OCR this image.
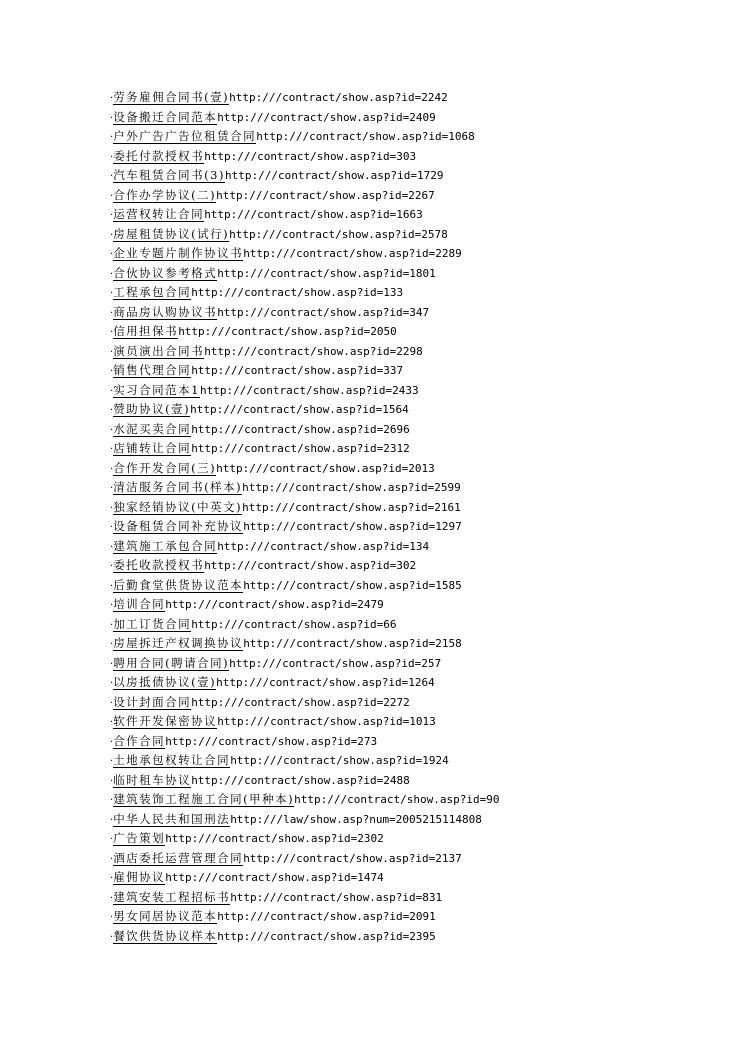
·劳务雇佣合同书(壹)http:///contract/show.asp?id=2242
·设备搬迁合同范本http:///contract/show.asp?id=2409
·户外广告广告位租赁合同http:///contract/show.asp?id=1068
·委托付款授权书http:///contract/show.asp?id=303
·汽车租赁合同书(3)http:///contract/show.asp?id=1729
·合作办学协议(二)http:///contract/show.asp?id=2267
·运营权转让合同http:///contract/show.asp?id=1663
·房屋租赁协议(试行)http:///contract/show.asp?id=2578
·企业专题片制作协议书http:///contract/show.asp?id=2289
·合伙协议参考格式http:///contract/show.asp?id=1801
·工程承包合同http:///contract/show.asp?id=133
·商品房认购协议书http:///contract/show.asp?id=347
·信用担保书http:///contract/show.asp?id=2050
·演员演出合同书http:///contract/show.asp?id=2298
·销售代理合同http:///contract/show.asp?id=337
·实习合同范本1http:///contract/show.asp?id=2433
·赞助协议(壹)http:///contract/show.asp?id=1564
·水泥买卖合同http:///contract/show.asp?id=2696
·店铺转让合同http:///contract/show.asp?id=2312
·合作开发合同(三)http:///contract/show.asp?id=2013
·清洁服务合同书(样本)http:///contract/show.asp?id=2599
·独家经销协议(中英文)http:///contract/show.asp?id=2161
·设备租赁合同补充协议http:///contract/show.asp?id=1297
·建筑施工承包合同http:///contract/show.asp?id=134
·委托收款授权书http:///contract/show.asp?id=302
·后勤食堂供货协议范本http:///contract/show.asp?id=1585
·培训合同http:///contract/show.asp?id=2479
·加工订货合同http:///contract/show.asp?id=66
·房屋拆迁产权调换协议http:///contract/show.asp?id=2158
·聘用合同(聘请合同)http:///contract/show.asp?id=257
·以房抵债协议(壹)http:///contract/show.asp?id=1264
·设计封面合同http:///contract/show.asp?id=2272
·软件开发保密协议http:///contract/show.asp?id=1013
·合作合同http:///contract/show.asp?id=273
·土地承包权转让合同http:///contract/show.asp?id=1924
·临时租车协议http:///contract/show.asp?id=2488
·建筑装饰工程施工合同(甲种本)http:///contract/show.asp?id=90
·中华人民共和国刑法http:///law/show.asp?num=2005215114808
·广告策划http:///contract/show.asp?id=2302
·酒店委托运营管理合同http:///contract/show.asp?id=2137
·雇佣协议http:///contract/show.asp?id=1474
·建筑安装工程招标书http:///contract/show.asp?id=831
·男女同居协议范本http:///contract/show.asp?id=2091
·餐饮供货协议样本http:///contract/show.asp?id=2395
